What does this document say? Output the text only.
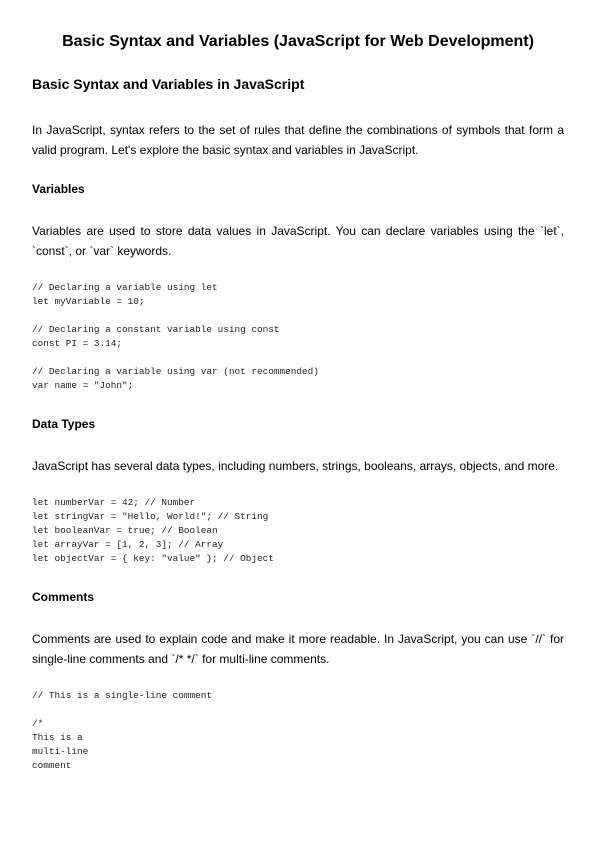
Basic Syntax and Variables (JavaScript for Web Development)
Basic Syntax and Variables in JavaScript

In JavaScript, syntax refers to the set of rules that define the combinations of symbols that form a valid program. Let's explore the basic syntax and variables in JavaScript.

Variables

Variables are used to store data values in JavaScript. You can declare variables using the `let`, `const`, or `var` keywords.

// Declaring a variable using let
let myVariable = 10;

// Declaring a constant variable using const
const PI = 3.14;

// Declaring a variable using var (not recommended)
var name = "John";
Data Types

JavaScript has several data types, including numbers, strings, booleans, arrays, objects, and more.

let numberVar = 42; // Number
let stringVar = "Hello, World!"; // String
let booleanVar = true; // Boolean
let arrayVar = [1, 2, 3]; // Array
let objectVar = { key: "value" }; // Object
Comments

Comments are used to explain code and make it more readable. In JavaScript, you can use `//` for single-line comments and `/* */` for multi-line comments.

// This is a single-line comment

/*
This is a
multi-line
comment
